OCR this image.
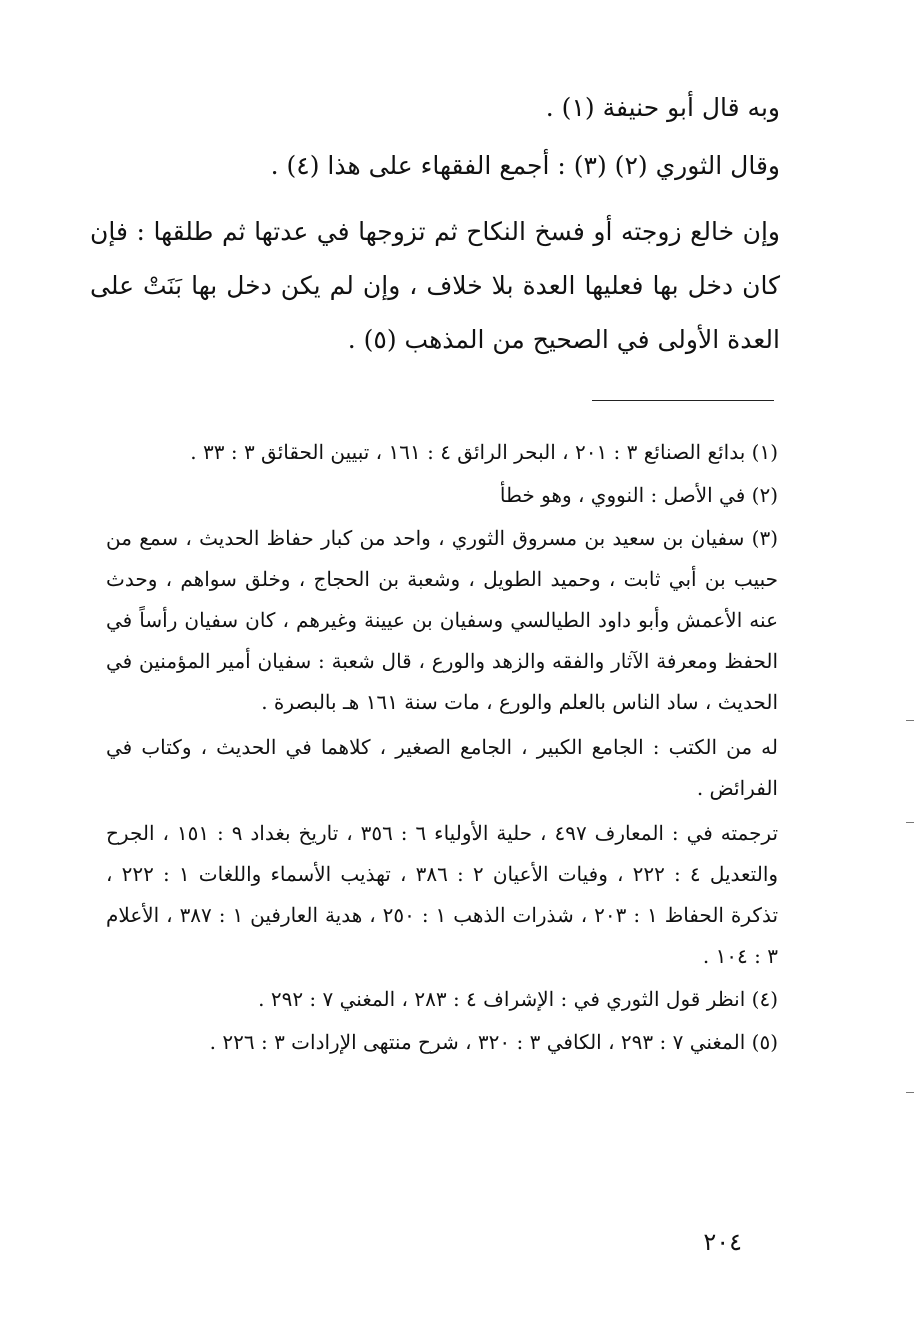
وبه قال أبو حنيفة (١) .

وقال الثوري (٢) (٣) : أجمع الفقهاء على هذا (٤) .

وإن خالع زوجته أو فسخ النكاح ثم تزوجها في عدتها ثم طلقها : فإن كان دخل بها فعليها العدة بلا خلاف ، وإن لم يكن دخل بها بَنَتْ على العدة الأولى في الصحيح من المذهب (٥) .

(١) بدائع الصنائع ٣ : ٢٠١ ، البحر الرائق ٤ : ١٦١ ، تبيين الحقائق ٣ : ٣٣ .

(٢) في الأصل : النووي ، وهو خطأ

(٣) سفيان بن سعيد بن مسروق الثوري ، واحد من كبار حفاظ الحديث ، سمع من حبيب بن أبي ثابت ، وحميد الطويل ، وشعبة بن الحجاج ، وخلق سواهم ، وحدث عنه الأعمش وأبو داود الطيالسي وسفيان بن عيينة وغيرهم ، كان سفيان رأساً في الحفظ ومعرفة الآثار والفقه والزهد والورع ، قال شعبة : سفيان أمير المؤمنين في الحديث ، ساد الناس بالعلم والورع ، مات سنة ١٦١ هـ بالبصرة .

له من الكتب : الجامع الكبير ، الجامع الصغير ، كلاهما في الحديث ، وكتاب في الفرائض .

ترجمته في : المعارف ٤٩٧ ، حلية الأولياء ٦ : ٣٥٦ ، تاريخ بغداد ٩ : ١٥١ ، الجرح والتعديل ٤ : ٢٢٢ ، وفيات الأعيان ٢ : ٣٨٦ ، تهذيب الأسماء واللغات ١ : ٢٢٢ ، تذكرة الحفاظ ١ : ٢٠٣ ، شذرات الذهب ١ : ٢٥٠ ، هدية العارفين ١ : ٣٨٧ ، الأعلام ٣ : ١٠٤ .

(٤) انظر قول الثوري في : الإشراف ٤ : ٢٨٣ ، المغني ٧ : ٢٩٢ .

(٥) المغني ٧ : ٢٩٣ ، الكافي ٣ : ٣٢٠ ، شرح منتهى الإرادات ٣ : ٢٢٦ .

٢٠٤
